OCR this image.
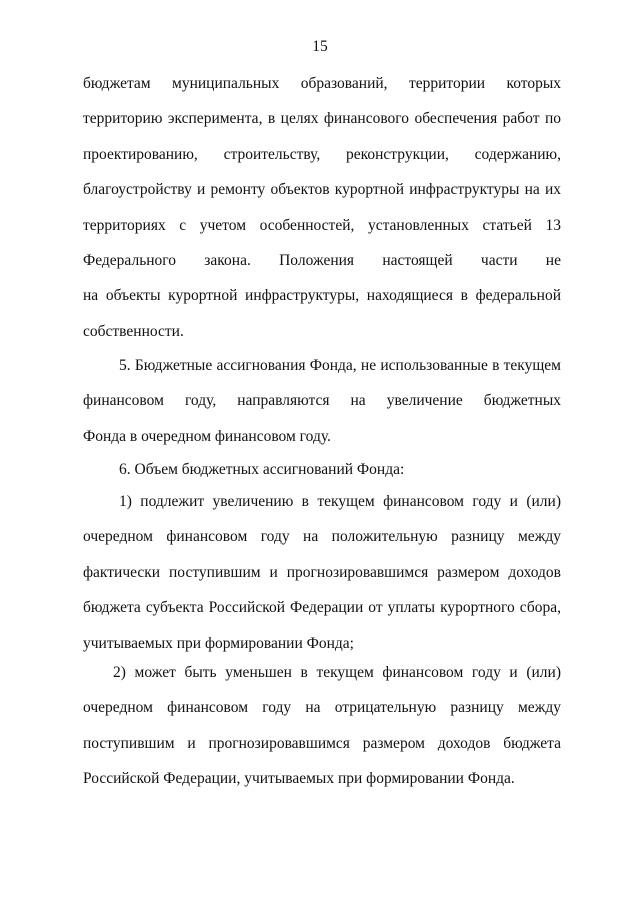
15
бюджетам муниципальных образований, территории которых
территорию эксперимента, в целях финансового обеспечения работ по
проектированию, строительству, реконструкции, содержанию,
благоустройству и ремонту объектов курортной инфраструктуры на их
территориях с учетом особенностей, установленных статьей 13
Федерального закона. Положения настоящей части не
на объекты курортной инфраструктуры, находящиеся в федеральной
собственности.
5. Бюджетные ассигнования Фонда, не использованные в текущем
финансовом году, направляются на увеличение бюджетных
Фонда в очередном финансовом году.
6. Объем бюджетных ассигнований Фонда:
1) подлежит увеличению в текущем финансовом году и (или)
очередном финансовом году на положительную разницу между
фактически поступившим и прогнозировавшимся размером доходов
бюджета субъекта Российской Федерации от уплаты курортного сбора,
учитываемых при формировании Фонда;
2) может быть уменьшен в текущем финансовом году и (или)
очередном финансовом году на отрицательную разницу между
поступившим и прогнозировавшимся размером доходов бюджета
Российской Федерации, учитываемых при формировании Фонда.
